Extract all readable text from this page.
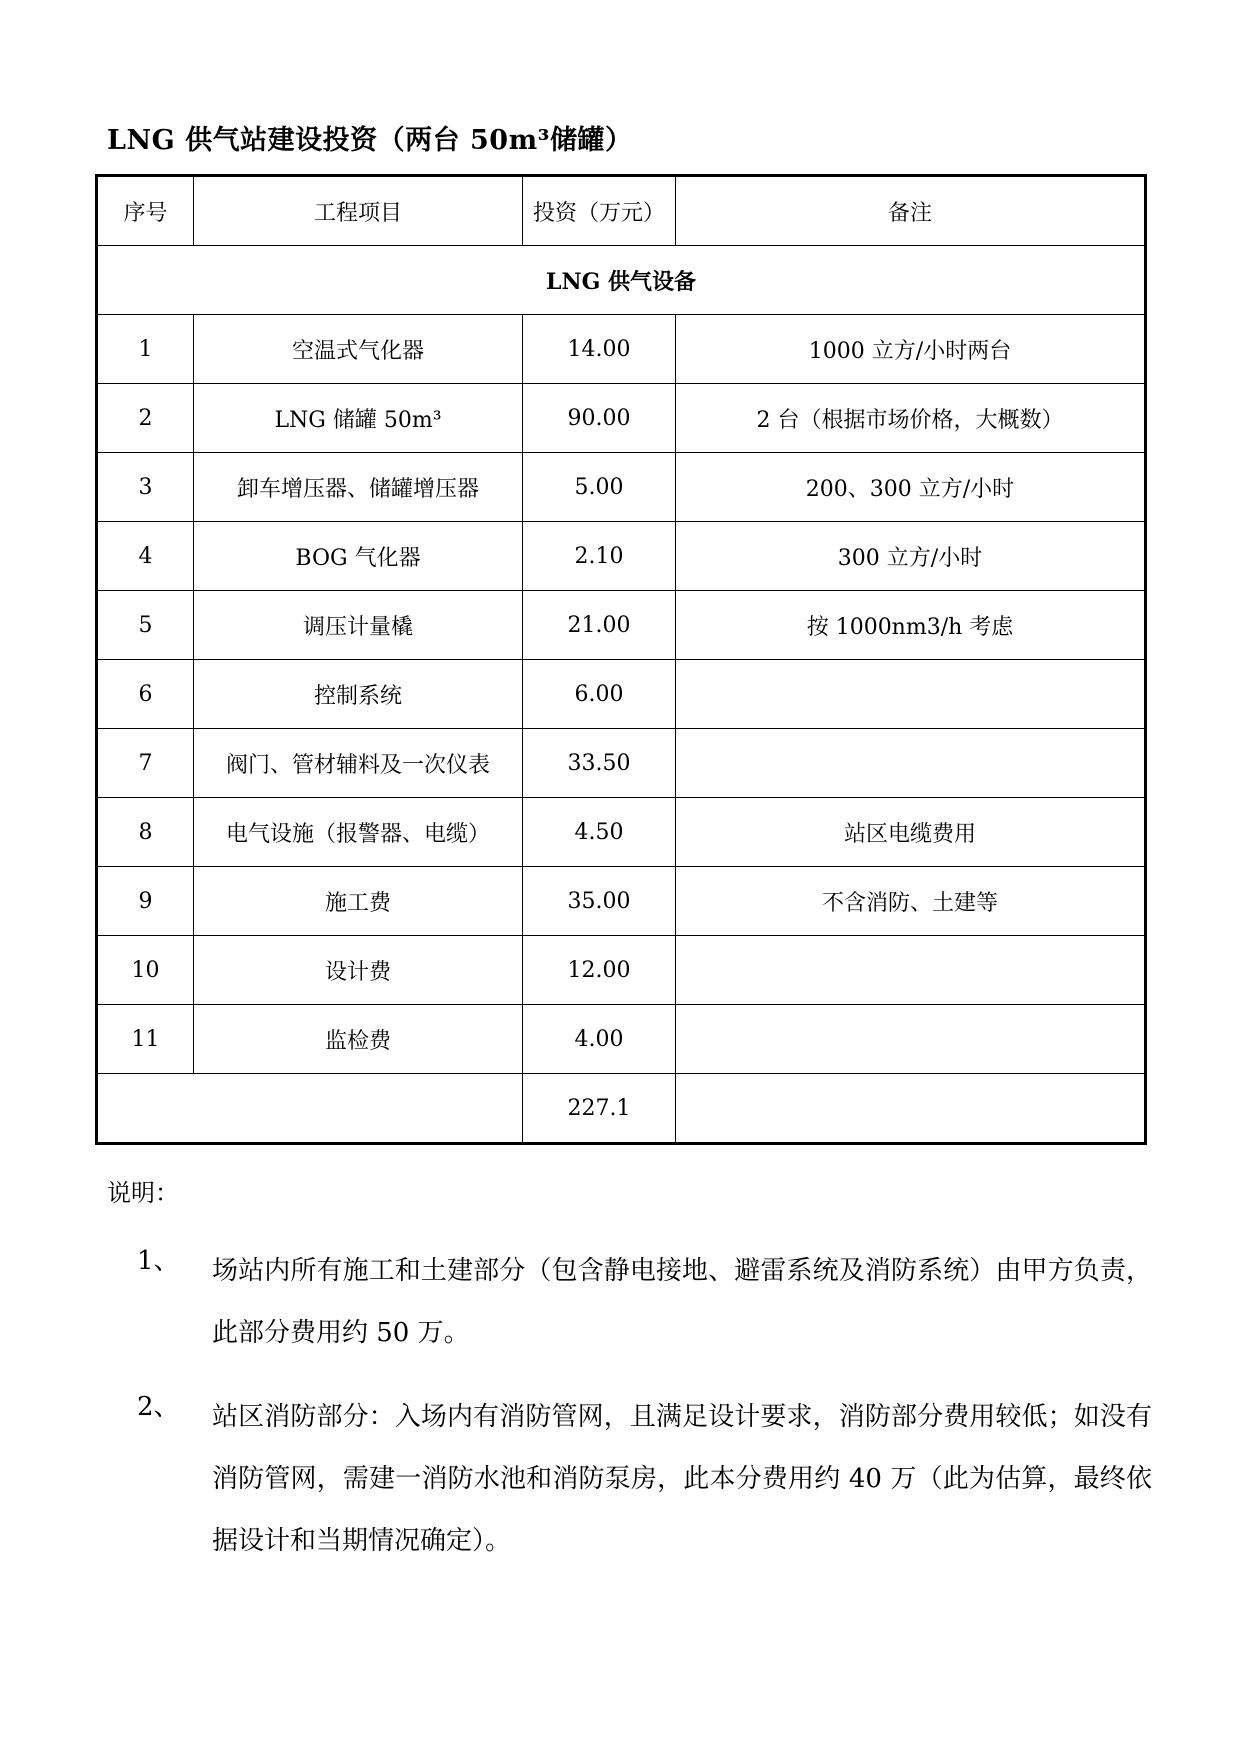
LNG 供气站建设投资（两台 50m³储罐）
序号	工程项目	投资（万元）	备注
LNG 供气设备			
1	空温式气化器	14.00	1000 立方/小时两台
2	LNG 储罐 50m³	90.00	2 台（根据市场价格，大概数）
3	卸车增压器、储罐增压器	5.00	200、300 立方/小时
4	BOG 气化器	2.10	300 立方/小时
5	调压计量橇	21.00	按 1000nm3/h 考虑
6	控制系统	6.00	
7	阀门、管材辅料及一次仪表	33.50	
8	电气设施（报警器、电缆）	4.50	站区电缆费用
9	施工费	35.00	不含消防、土建等
10	设计费	12.00	
11	监检费	4.00	
		227.1	
说明：
1、 场站内所有施工和土建部分（包含静电接地、避雷系统及消防系统）由甲方负责，此部分费用约 50 万。
2、 站区消防部分：入场内有消防管网，且满足设计要求，消防部分费用较低；如没有消防管网，需建一消防水池和消防泵房，此本分费用约 40 万（此为估算，最终依据设计和当期情况确定）。
